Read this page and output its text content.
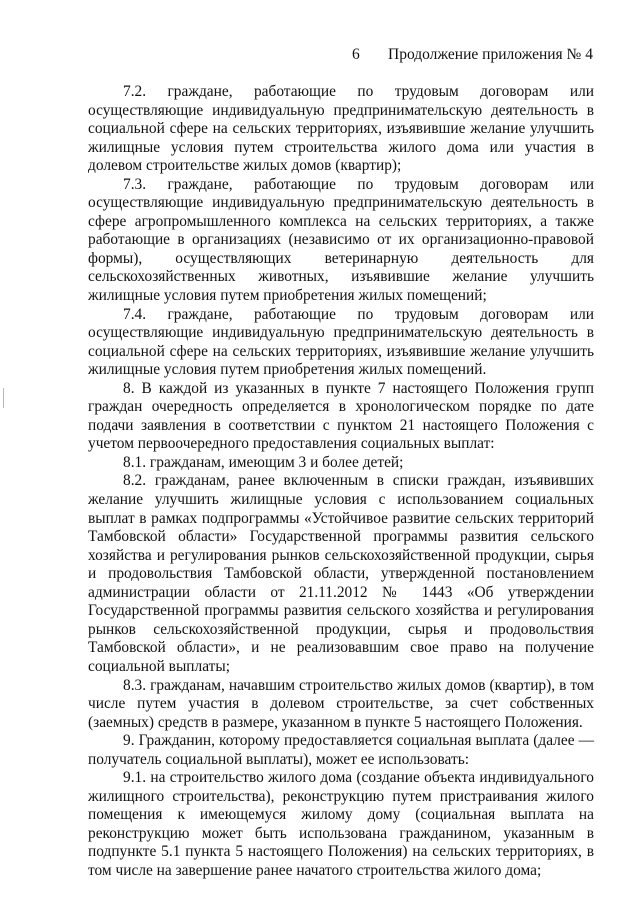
6 Продолжение приложения № 4

7.2. граждане, работающие по трудовым договорам или осуществляющие индивидуальную предпринимательскую деятельность в социальной сфере на сельских территориях, изъявившие желание улучшить жилищные условия путем строительства жилого дома или участия в долевом строительстве жилых домов (квартир);

7.3. граждане, работающие по трудовым договорам или осуществляющие индивидуальную предпринимательскую деятельность в сфере агропромышленного комплекса на сельских территориях, а также работающие в организациях (независимо от их организационно-правовой формы), осуществляющих ветеринарную деятельность для сельскохозяйственных животных, изъявившие желание улучшить жилищные условия путем приобретения жилых помещений;

7.4. граждане, работающие по трудовым договорам или осуществляющие индивидуальную предпринимательскую деятельность в социальной сфере на сельских территориях, изъявившие желание улучшить жилищные условия путем приобретения жилых помещений.

8. В каждой из указанных в пункте 7 настоящего Положения групп граждан очередность определяется в хронологическом порядке по дате подачи заявления в соответствии с пунктом 21 настоящего Положения с учетом первоочередного предоставления социальных выплат:

8.1. гражданам, имеющим 3 и более детей;

8.2. гражданам, ранее включенным в списки граждан, изъявивших желание улучшить жилищные условия с использованием социальных выплат в рамках подпрограммы «Устойчивое развитие сельских территорий Тамбовской области» Государственной программы развития сельского хозяйства и регулирования рынков сельскохозяйственной продукции, сырья и продовольствия Тамбовской области, утвержденной постановлением администрации области от 21.11.2012 № 1443 «Об утверждении Государственной программы развития сельского хозяйства и регулирования рынков сельскохозяйственной продукции, сырья и продовольствия Тамбовской области», и не реализовавшим свое право на получение социальной выплаты;

8.3. гражданам, начавшим строительство жилых домов (квартир), в том числе путем участия в долевом строительстве, за счет собственных (заемных) средств в размере, указанном в пункте 5 настоящего Положения.

9. Гражданин, которому предоставляется социальная выплата (далее — получатель социальной выплаты), может ее использовать:

9.1. на строительство жилого дома (создание объекта индивидуального жилищного строительства), реконструкцию путем пристраивания жилого помещения к имеющемуся жилому дому (социальная выплата на реконструкцию может быть использована гражданином, указанным в подпункте 5.1 пункта 5 настоящего Положения) на сельских территориях, в том числе на завершение ранее начатого строительства жилого дома;
